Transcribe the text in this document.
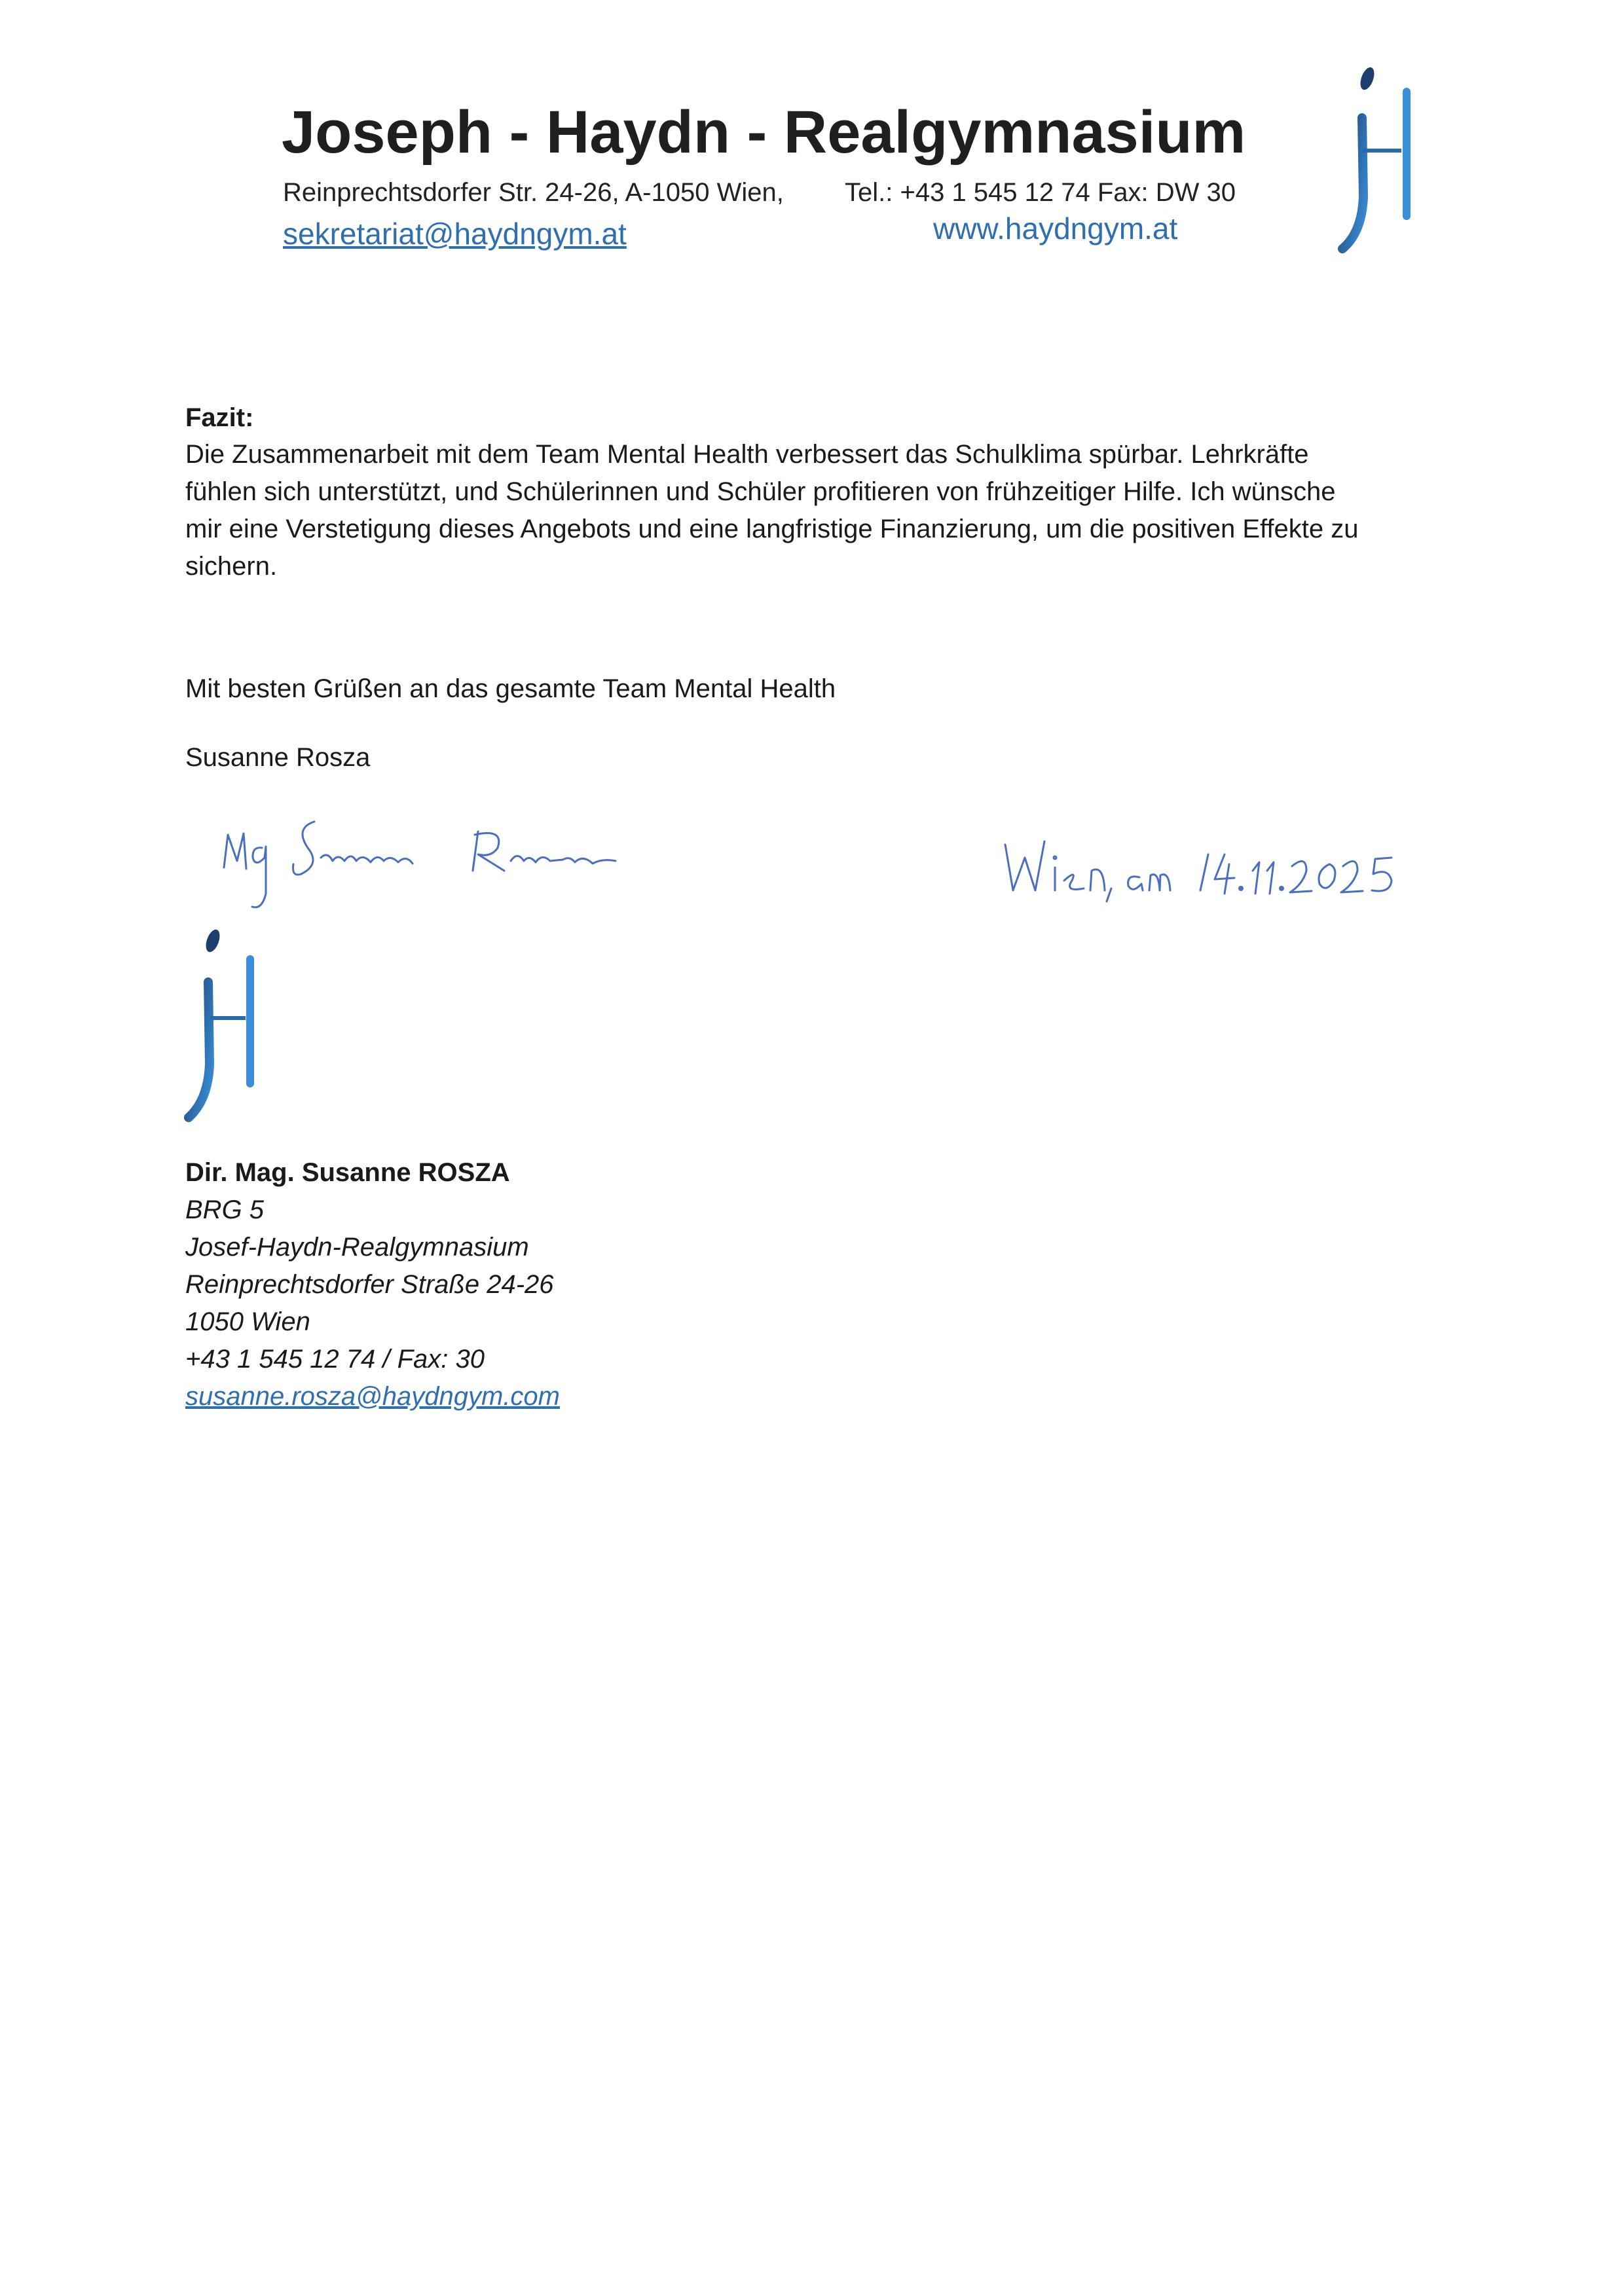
Joseph - Haydn - Realgymnasium
Reinprechtsdorfer Str. 24-26, A-1050 Wien, Tel.: +43 1 545 12 74 Fax: DW 30
sekretariat@haydngym.at	www.haydngym.at
Fazit:
Die Zusammenarbeit mit dem Team Mental Health verbessert das Schulklima spürbar. Lehrkräfte
fühlen sich unterstützt, und Schülerinnen und Schüler profitieren von frühzeitiger Hilfe. Ich wünsche
mir eine Verstetigung dieses Angebots und eine langfristige Finanzierung, um die positiven Effekte zu
sichern.
Mit besten Grüßen an das gesamte Team Mental Health
Susanne Rosza
Dir. Mag. Susanne ROSZA
BRG 5
Josef-Haydn-Realgymnasium
Reinprechtsdorfer Straße 24-26
1050 Wien
+43 1 545 12 74 / Fax: 30
susanne.rosza@haydngym.com
